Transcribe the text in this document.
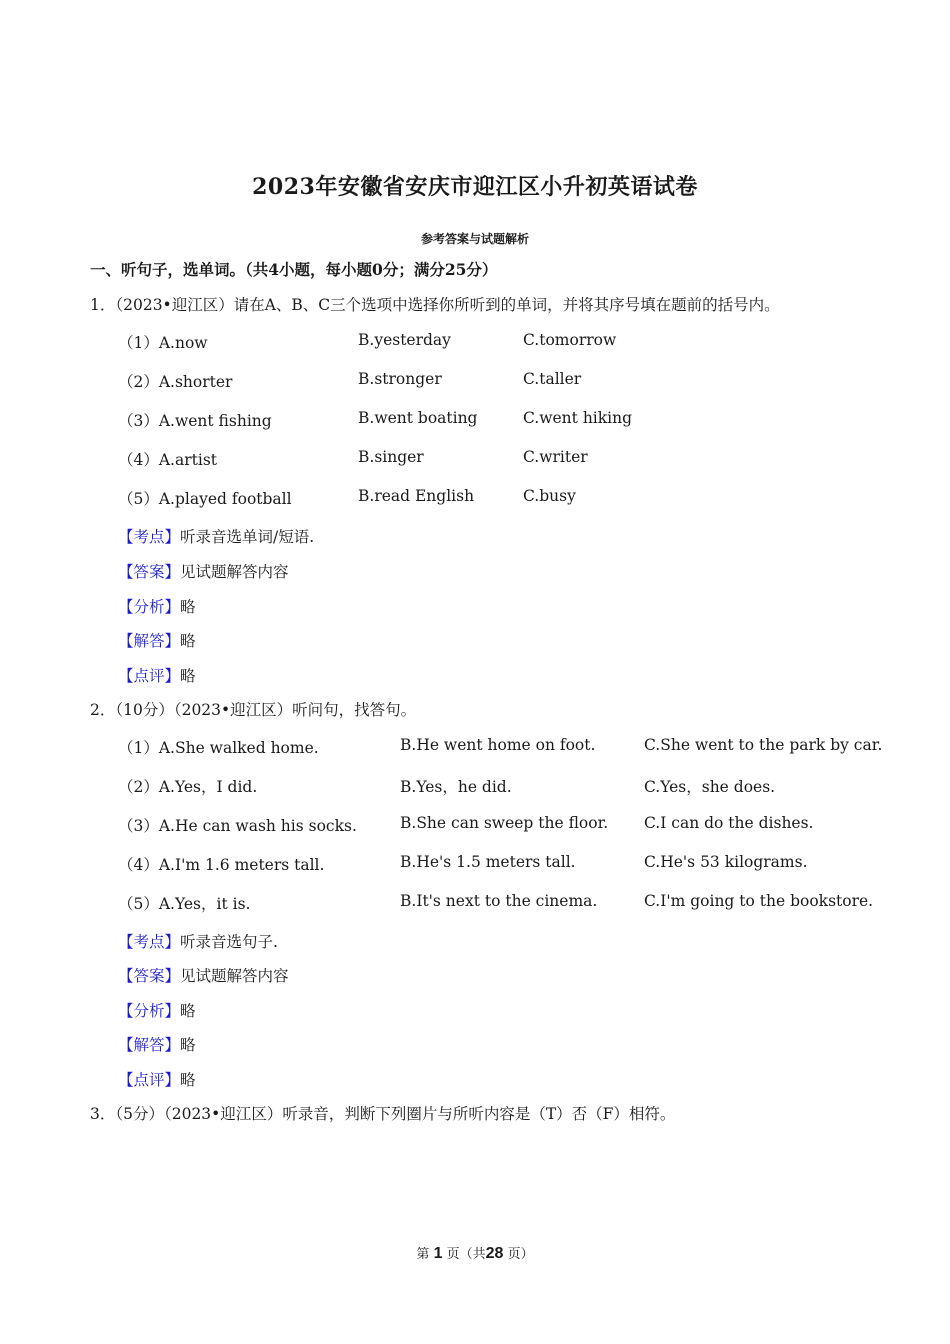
2023年安徽省安庆市迎江区小升初英语试卷
参考答案与试题解析
一、听句子，选单词。（共4小题，每小题0分；满分25分）
1．（2023•迎江区）请在A、B、C三个选项中选择你所听到的单词，并将其序号填在题前的括号内。
（1）A.now	B.yesterday	C.tomorrow
（2）A.shorter	B.stronger	C.taller
（3）A.went fishing	B.went boating	C.went hiking
（4）A.artist	B.singer	C.writer
（5）A.played football	B.read English	C.busy
【考点】听录音选单词/短语.
【答案】见试题解答内容
【分析】略
【解答】略
【点评】略
2．（10分）（2023•迎江区）听问句，找答句。
（1）A.She walked home.	B.He went home on foot.	C.She went to the park by car.
（2）A.Yes，I did.	B.Yes，he did.	C.Yes，she does.
（3）A.He can wash his socks.	B.She can sweep the floor. C.I can do the dishes.
（4）A.I'm 1.6 meters tall.	B.He's 1.5 meters tall.	C.He's 53 kilograms.
（5）A.Yes，it is.	B.It's next to the cinema.	C.I'm going to the bookstore.
【考点】听录音选句子.
【答案】见试题解答内容
【分析】略
【解答】略
【点评】略
3．（5分）（2023•迎江区）听录音，判断下列圈片与所听内容是（T）否（F）相符。
第 1 页（共28 页）
